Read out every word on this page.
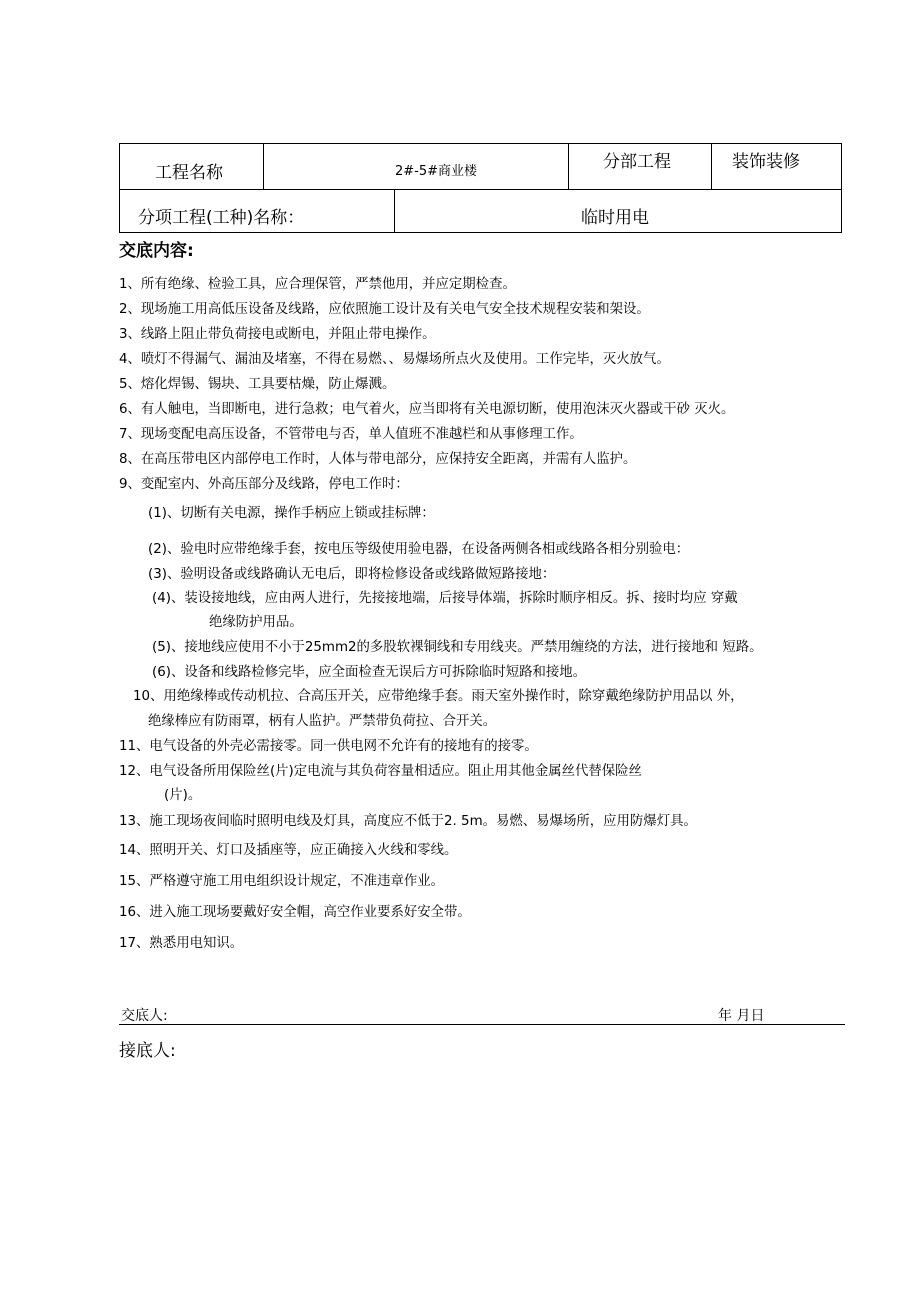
工程名称	2#-5#商业楼	分部工程	装饰装修
分项工程(工种)名称：	临时用电
交底内容:
1、所有绝缘、检验工具，应合理保管，严禁他用，并应定期检查。
2、现场施工用高低压设备及线路，应依照施工设计及有关电气安全技术规程安装和架设。
3、线路上阻止带负荷接电或断电，并阻止带电操作。
4、喷灯不得漏气、漏油及堵塞，不得在易燃、、易爆场所点火及使用。工作完毕，灭火放气。
5、熔化焊锡、锡块、工具要枯燥，防止爆溅。
6、有人触电，当即断电，进行急救；电气着火，应当即将有关电源切断，使用泡沫灭火器或干砂 灭火。
7、现场变配电高压设备，不管带电与否，单人值班不准越栏和从事修理工作。
8、在高压带电区内部停电工作时，人体与带电部分，应保持安全距离，并需有人监护。
9、变配室内、外高压部分及线路，停电工作时：
(1)、切断有关电源，操作手柄应上锁或挂标牌：
(2)、验电时应带绝缘手套，按电压等级使用验电器，在设备两侧各相或线路各相分别验电：
(3)、验明设备或线路确认无电后，即将检修设备或线路做短路接地：
(4)、装设接地线，应由两人进行，先接接地端，后接导体端，拆除时顺序相反。拆、接时均应 穿戴
绝缘防护用品。
(5)、接地线应使用不小于25mm2的多股软裸铜线和专用线夹。严禁用缠绕的方法，进行接地和 短路。
(6)、设备和线路检修完毕，应全面检查无误后方可拆除临时短路和接地。
10、用绝缘棒或传动机拉、合高压开关，应带绝缘手套。雨天室外操作时，除穿戴绝缘防护用品以 外，
绝缘棒应有防雨罩，柄有人监护。严禁带负荷拉、合开关。
11、电气设备的外壳必需接零。同一供电网不允许有的接地有的接零。
12、电气设备所用保险丝(片)定电流与其负荷容量相适应。阻止用其他金属丝代替保险丝
(片)。
13、施工现场夜间临时照明电线及灯具，高度应不低于2. 5m。易燃、易爆场所，应用防爆灯具。
14、照明开关、灯口及插座等，应正确接入火线和零线。
15、严格遵守施工用电组织设计规定，不准违章作业。
16、进入施工现场要戴好安全帽，高空作业要系好安全带。
17、熟悉用电知识。
交底人:	年 月日
接底人:
